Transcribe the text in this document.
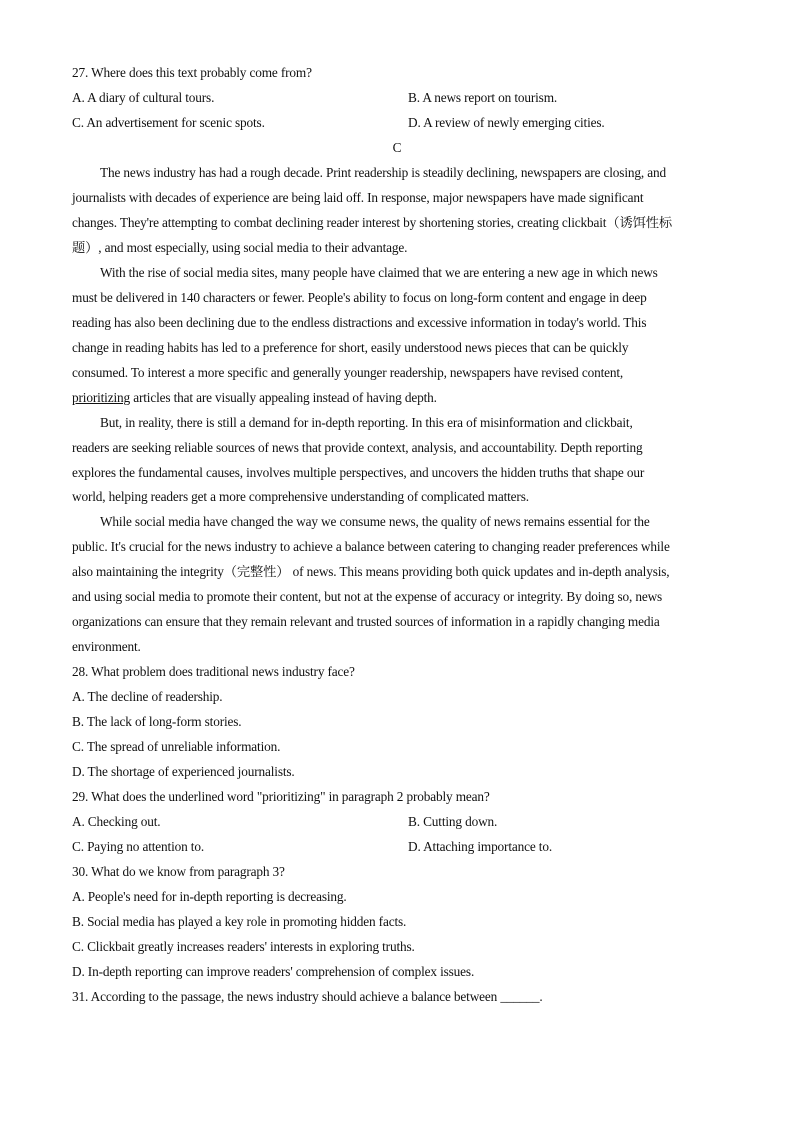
27. Where does this text probably come from?
A. A diary of cultural tours.	B. A news report on tourism.
C. An advertisement for scenic spots.	D. A review of newly emerging cities.
C
The news industry has had a rough decade. Print readership is steadily declining, newspapers are closing, and
journalists with decades of experience are being laid off. In response, major newspapers have made significant
changes. They're attempting to combat declining reader interest by shortening stories, creating clickbait（诱饵性标
题）, and most especially, using social media to their advantage.
With the rise of social media sites, many people have claimed that we are entering a new age in which news
must be delivered in 140 characters or fewer. People's ability to focus on long-form content and engage in deep
reading has also been declining due to the endless distractions and excessive information in today's world. This
change in reading habits has led to a preference for short, easily understood news pieces that can be quickly
consumed. To interest a more specific and generally younger readership, newspapers have revised content,
prioritizing articles that are visually appealing instead of having depth.
But, in reality, there is still a demand for in-depth reporting. In this era of misinformation and clickbait,
readers are seeking reliable sources of news that provide context, analysis, and accountability. Depth reporting
explores the fundamental causes, involves multiple perspectives, and uncovers the hidden truths that shape our
world, helping readers get a more comprehensive understanding of complicated matters.
While social media have changed the way we consume news, the quality of news remains essential for the
public. It's crucial for the news industry to achieve a balance between catering to changing reader preferences while
also maintaining the integrity（完整性） of news. This means providing both quick updates and in-depth analysis,
and using social media to promote their content, but not at the expense of accuracy or integrity. By doing so, news
organizations can ensure that they remain relevant and trusted sources of information in a rapidly changing media
environment.
28. What problem does traditional news industry face?
A. The decline of readership.
B. The lack of long-form stories.
C. The spread of unreliable information.
D. The shortage of experienced journalists.
29. What does the underlined word "prioritizing" in paragraph 2 probably mean?
A. Checking out.	B. Cutting down.
C. Paying no attention to.	D. Attaching importance to.
30. What do we know from paragraph 3?
A. People's need for in-depth reporting is decreasing.
B. Social media has played a key role in promoting hidden facts.
C. Clickbait greatly increases readers' interests in exploring truths.
D. In-depth reporting can improve readers' comprehension of complex issues.
31. According to the passage, the news industry should achieve a balance between ______.
